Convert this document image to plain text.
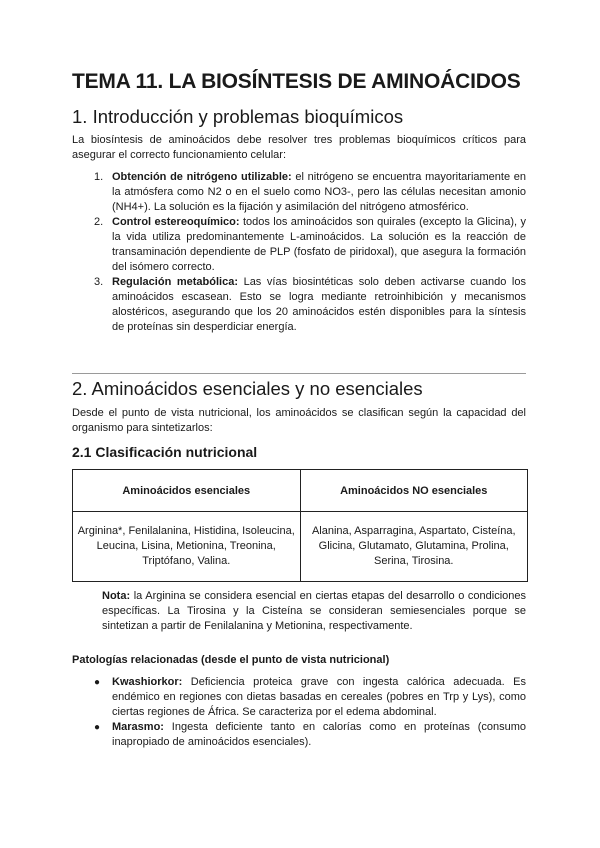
TEMA 11. LA BIOSÍNTESIS DE AMINOÁCIDOS
1. Introducción y problemas bioquímicos
La biosíntesis de aminoácidos debe resolver tres problemas bioquímicos críticos para asegurar el correcto funcionamiento celular:
1. Obtención de nitrógeno utilizable: el nitrógeno se encuentra mayoritariamente en la atmósfera como N2 o en el suelo como NO3-, pero las células necesitan amonio (NH4+). La solución es la fijación y asimilación del nitrógeno atmosférico.
2. Control estereoquímico: todos los aminoácidos son quirales (excepto la Glicina), y la vida utiliza predominantemente L-aminoácidos. La solución es la reacción de transaminación dependiente de PLP (fosfato de piridoxal), que asegura la formación del isómero correcto.
3. Regulación metabólica: Las vías biosintéticas solo deben activarse cuando los aminoácidos escasean. Esto se logra mediante retroinhibición y mecanismos alostéricos, asegurando que los 20 aminoácidos estén disponibles para la síntesis de proteínas sin desperdiciar energía.
2. Aminoácidos esenciales y no esenciales
Desde el punto de vista nutricional, los aminoácidos se clasifican según la capacidad del organismo para sintetizarlos:
2.1 Clasificación nutricional
Aminoácidos esenciales	Aminoácidos NO esenciales
Arginina*, Fenilalanina, Histidina, Isoleucina, Leucina, Lisina, Metionina, Treonina, Triptófano, Valina.	Alanina, Asparragina, Aspartato, Cisteína, Glicina, Glutamato, Glutamina, Prolina, Serina, Tirosina.
Nota: la Arginina se considera esencial en ciertas etapas del desarrollo o condiciones específicas. La Tirosina y la Cisteína se consideran semiesenciales porque se sintetizan a partir de Fenilalanina y Metionina, respectivamente.
Patologías relacionadas (desde el punto de vista nutricional)
● Kwashiorkor: Deficiencia proteica grave con ingesta calórica adecuada. Es endémico en regiones con dietas basadas en cereales (pobres en Trp y Lys), como ciertas regiones de África. Se caracteriza por el edema abdominal.
● Marasmo: Ingesta deficiente tanto en calorías como en proteínas (consumo inapropiado de aminoácidos esenciales).
